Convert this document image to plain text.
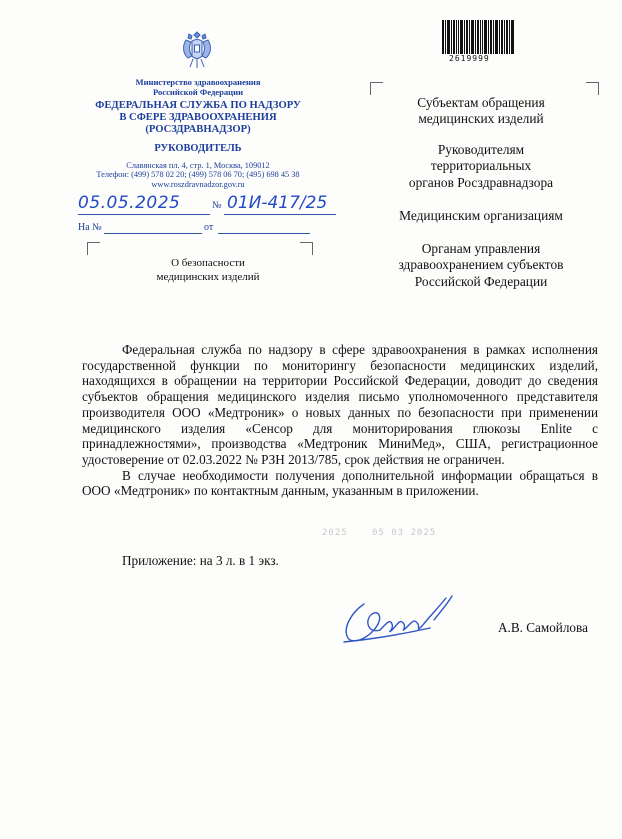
Министерство здравоохранения
Российской Федерации
ФЕДЕРАЛЬНАЯ СЛУЖБА ПО НАДЗОРУ
В СФЕРЕ ЗДРАВООХРАНЕНИЯ
(РОСЗДРАВНАДЗОР)
РУКОВОДИТЕЛЬ
Славянская пл. 4, стр. 1, Москва, 109012
Телефон: (499) 578 02 20; (499) 578 06 70; (495) 698 45 38
www.roszdravnadzor.gov.ru
05.05.2025	№ 01И-417/25
На №	от
О безопасности
медицинских изделий
2619999
Субъектам обращения
медицинских изделий
Руководителям
территориальных
органов Росздравнадзора
Медицинским организациям
Органам управления
здравоохранением субъектов
Российской Федерации

Федеральная служба по надзору в сфере здравоохранения в рамках исполнения государственной функции по мониторингу безопасности медицинских изделий, находящихся в обращении на территории Российской Федерации, доводит до сведения субъектов обращения медицинского изделия письмо уполномоченного представителя производителя ООО «Медтроник» о новых данных по безопасности при применении медицинского изделия «Сенсор для мониторирования глюкозы Enlite с принадлежностями», производства «Медтроник МиниМед», США, регистрационное удостоверение от 02.03.2022 № РЗН 2013/785, срок действия не ограничен.

В случае необходимости получения дополнительной информации обращаться в ООО «Медтроник» по контактным данным, указанным в приложении.

2025	05 03 2025
Приложение: на 3 л. в 1 экз.
А.В. Самойлова
